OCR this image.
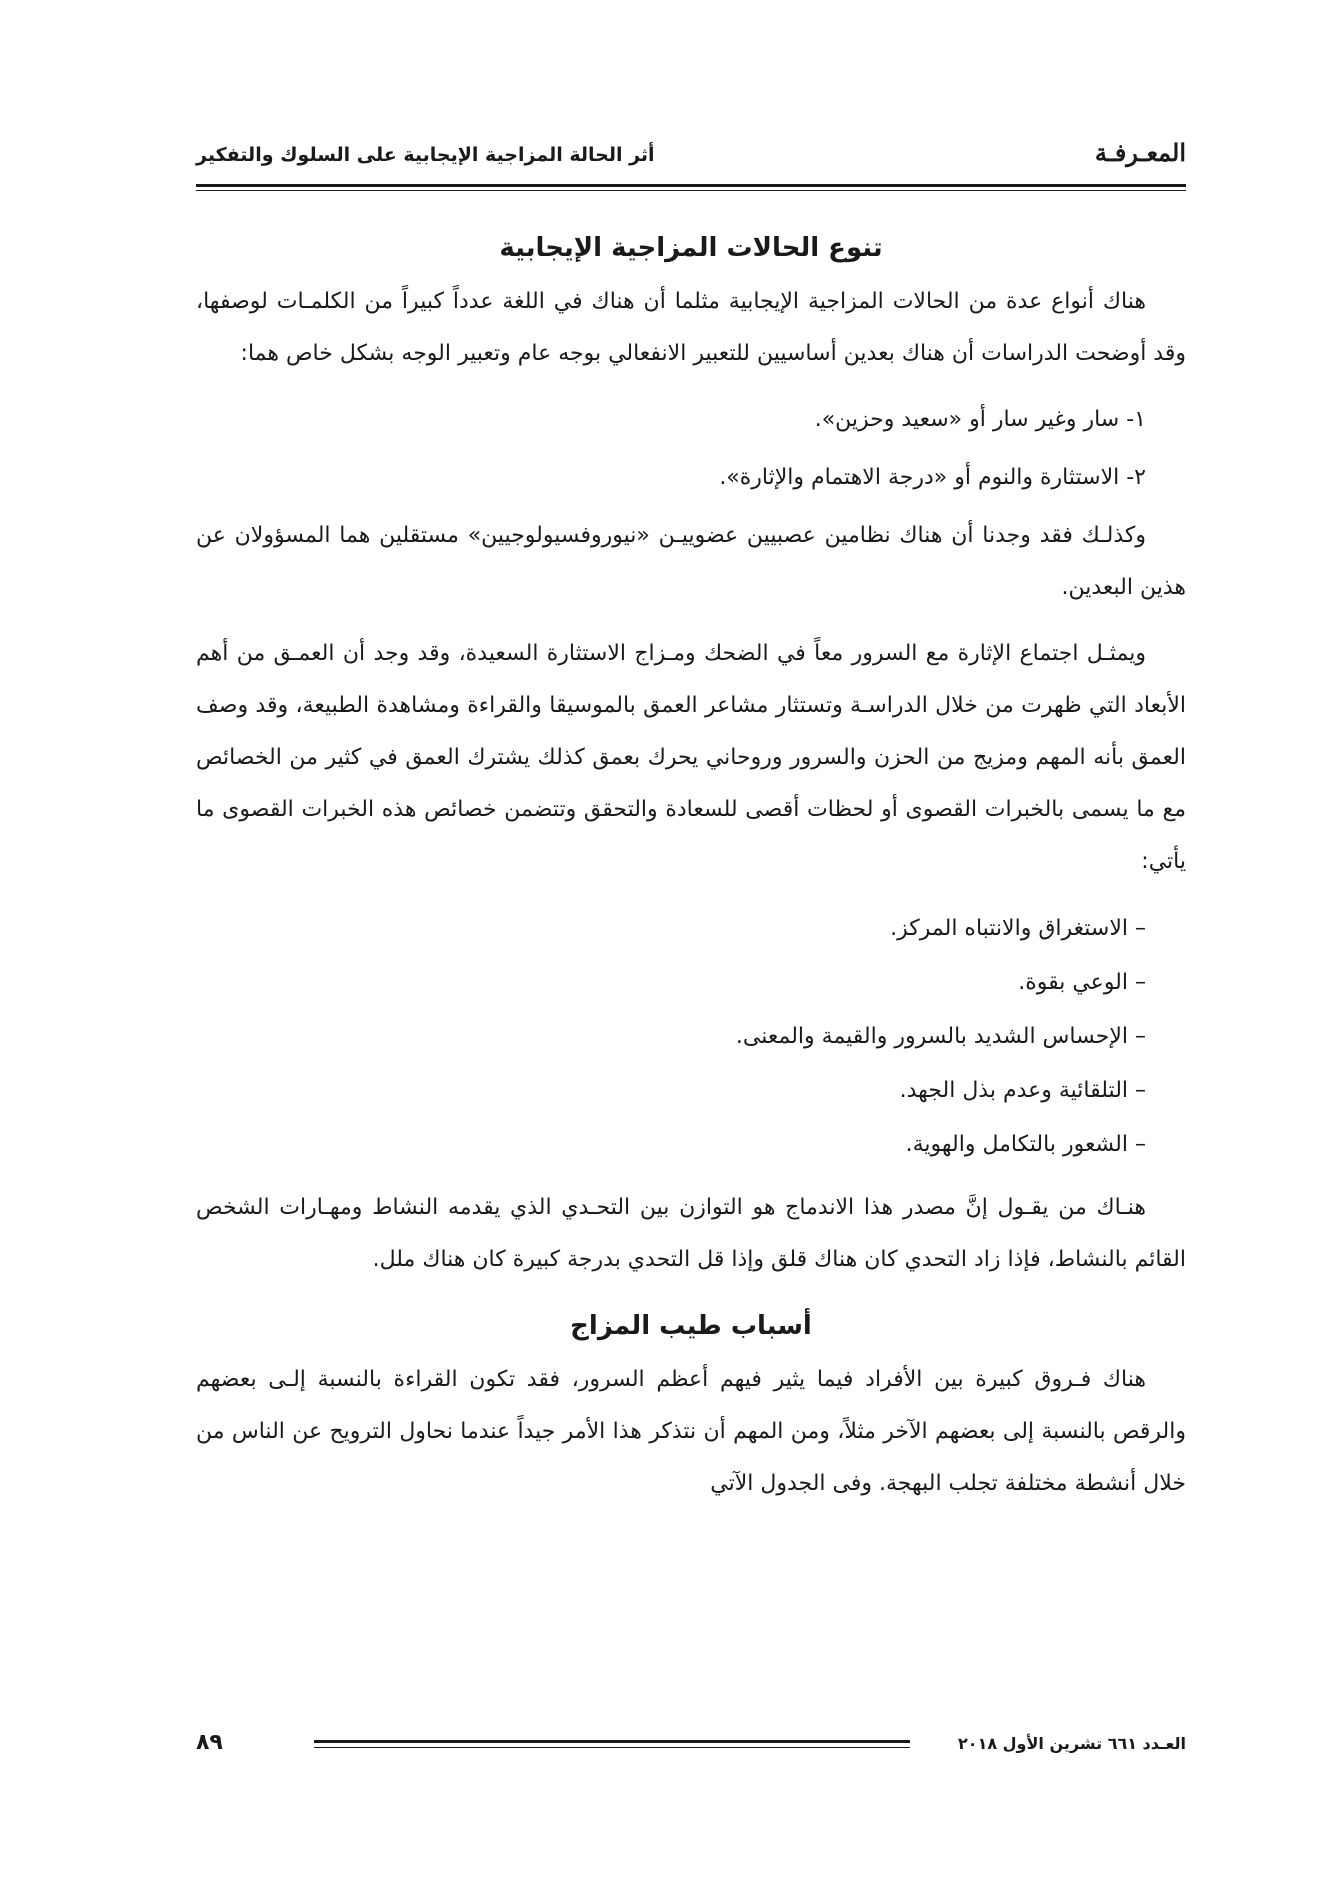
أثر الحالة المزاجية الإيجابية على السلوك والتفكير	المعـرفـة
تنوع الحالات المزاجية الإيجابية

هناك أنواع عدة من الحالات المزاجية الإيجابية مثلما أن هناك في اللغة عدداً كبيراً من الكلمـات لوصفها، وقد أوضحت الدراسات أن هناك بعدين أساسيين للتعبير الانفعالي بوجه عام وتعبير الوجه بشكل خاص هما:

١- سار وغير سار أو «سعيد وحزين».

٢- الاستثارة والنوم أو «درجة الاهتمام والإثارة».

وكذلـك فقد وجدنا أن هناك نظامين عصبيين عضوييـن «نيوروفسيولوجيين» مستقلين هما المسؤولان عن هذين البعدين.

ويمثـل اجتماع الإثارة مع السرور معاً في الضحك ومـزاج الاستثارة السعيدة، وقد وجد أن العمـق من أهم الأبعاد التي ظهرت من خلال الدراسـة وتستثار مشاعر العمق بالموسيقا والقراءة ومشاهدة الطبيعة، وقد وصف العمق بأنه المهم ومزيج من الحزن والسرور وروحاني يحرك بعمق كذلك يشترك العمق في كثير من الخصائص مع ما يسمى بالخبرات القصوى أو لحظات أقصى للسعادة والتحقق وتتضمن خصائص هذه الخبرات القصوى ما يأتي:

– الاستغراق والانتباه المركز.
– الوعي بقوة.
– الإحساس الشديد بالسرور والقيمة والمعنى.
– التلقائية وعدم بذل الجهد.
– الشعور بالتكامل والهوية.

هنـاك من يقـول إنَّ مصدر هذا الاندماج هو التوازن بين التحـدي الذي يقدمه النشاط ومهـارات الشخص القائم بالنشاط، فإذا زاد التحدي كان هناك قلق وإذا قل التحدي بدرجة كبيرة كان هناك ملل.

أسباب طيب المزاج

هناك فـروق كبيرة بين الأفراد فيما يثير فيهم أعظم السرور، فقد تكون القراءة بالنسبة إلـى بعضهم والرقص بالنسبة إلى بعضهم الآخر مثلاً، ومن المهم أن نتذكر هذا الأمر جيداً عندما نحاول الترويح عن الناس من خلال أنشطة مختلفة تجلب البهجة. وفى الجدول الآتي

العـدد ٦٦١ تشرين الأول ٢٠١٨
٨٩
